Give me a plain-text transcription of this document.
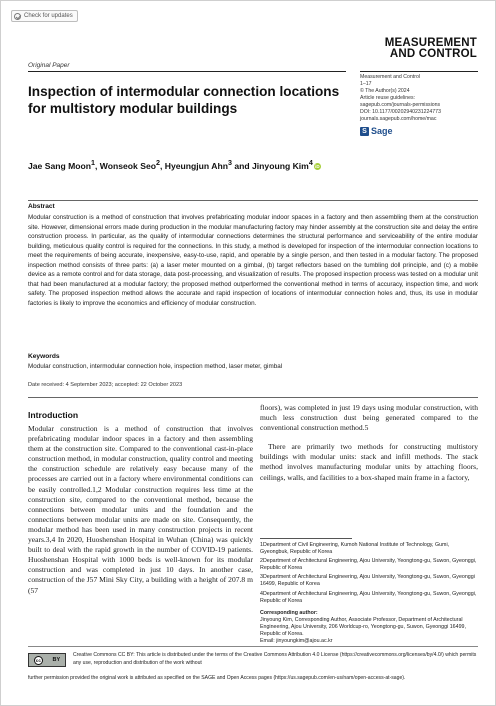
Check for updates
MEASUREMENT
AND CONTROL
Original Paper
Inspection of intermodular connection locations for multistory modular buildings
Measurement and Control
1–17
© The Author(s) 2024
Article reuse guidelines:
sagepub.com/journals-permissions
DOI: 10.1177/00202940231224773
journals.sagepub.com/home/mac
S Sage
Jae Sang Moon$^1$, Wonseok Seo$^2$, Hyeungjun Ahn$^3$ and Jinyoung Kim$^4$ iD
Abstract

Modular construction is a method of construction that involves prefabricating modular indoor spaces in a factory and then assembling them at the construction site. However, dimensional errors made during production in the modular manufacturing factory may hinder assembly at the construction site and delay the entire construction process. In particular, as the quality of intermodular connections determines the structural performance and serviceability of the entire modular building, meticulous quality control is required for the connections. In this study, a method is developed for inspection of the intermodular connection locations to meet the requirements of being accurate, inexpensive, easy-to-use, rapid, and operable by a single person, and then tested in a modular factory. The proposed inspection method consists of three parts: (a) a laser meter mounted on a gimbal, (b) target reflectors based on the tumbling doll principle, and (c) a mobile device as a remote control and for data storage, data post-processing, and visualization of results. The proposed inspection process was tested on a modular unit that had been manufactured at a modular factory; the proposed method outperformed the conventional method in terms of accuracy, inspection time, and work safety. The proposed inspection method allows the accurate and rapid inspection of locations of intermodular connection holes and, thus, its use in modular factories is likely to improve the economics and efficiency of modular construction.

Keywords
Modular construction, intermodular connection hole, inspection method, laser meter, gimbal
Date received: 4 September 2023; accepted: 22 October 2023
Introduction

Modular construction is a method of construction that involves prefabricating modular indoor spaces in a factory and then assembling them at the construction site. Compared to the conventional cast-in-place construction method, in modular construction, quality control and meeting the construction schedule are relatively easy because many of the processes are carried out in a factory where environmental conditions can be easily controlled.1,2 Modular construction requires less time at the construction site, compared to the conventional method, because the connections between modular units and the foundation and the connections between modular units are made on site. Consequently, the modular method has been used in many construction projects in recent years.3,4 In 2020, Huoshenshan Hospital in Wuhan (China) was quickly built to deal with the rapid growth in the number of COVID-19 patients. Huoshenshan Hospital with 1000 beds is well-known for its modular construction and was completed in just 10 days. In another case, construction of the J57 Mini Sky City, a building with a height of 207.8 m (57

floors), was completed in just 19 days using modular construction, with much less construction dust being generated compared to the conventional construction method.5

There are primarily two methods for constructing multistory buildings with modular units: stack and infill methods. The stack method involves manufacturing modular units by attaching floors, ceilings, walls, and facilities to a box-shaped main frame in a factory,

1Department of Civil Engineering, Kumoh National Institute of Technology, Gumi, Gyeongbuk, Republic of Korea
2Department of Architectural Engineering, Ajou University, Yeongtong-gu, Suwon, Gyeonggi, Republic of Korea
3Department of Architectural Engineering, Ajou University, Yeongtong-gu, Suwon, Gyeonggi 16499, Republic of Korea
4Department of Architectural Engineering, Ajou University, Yeongtong-gu, Suwon, Gyeonggi, Republic of Korea
Corresponding author:
Jinyoung Kim, Corresponding Author, Associate Professor, Department of Architectural Engineering, Ajou University, 206 Worldcup-ro, Yeongtong-gu, Suwon, Gyeonggi 16499, Republic of Korea.
Email: jinyoungkim@ajou.ac.kr
cc	BY
Creative Commons CC BY: This article is distributed under the terms of the Creative Commons Attribution 4.0 License (https://creativecommons.org/licenses/by/4.0/) which permits any use, reproduction and distribution of the work without
further permission provided the original work is attributed as specified on the SAGE and Open Access pages (https://us.sagepub.com/en-us/nam/open-access-at-sage).
